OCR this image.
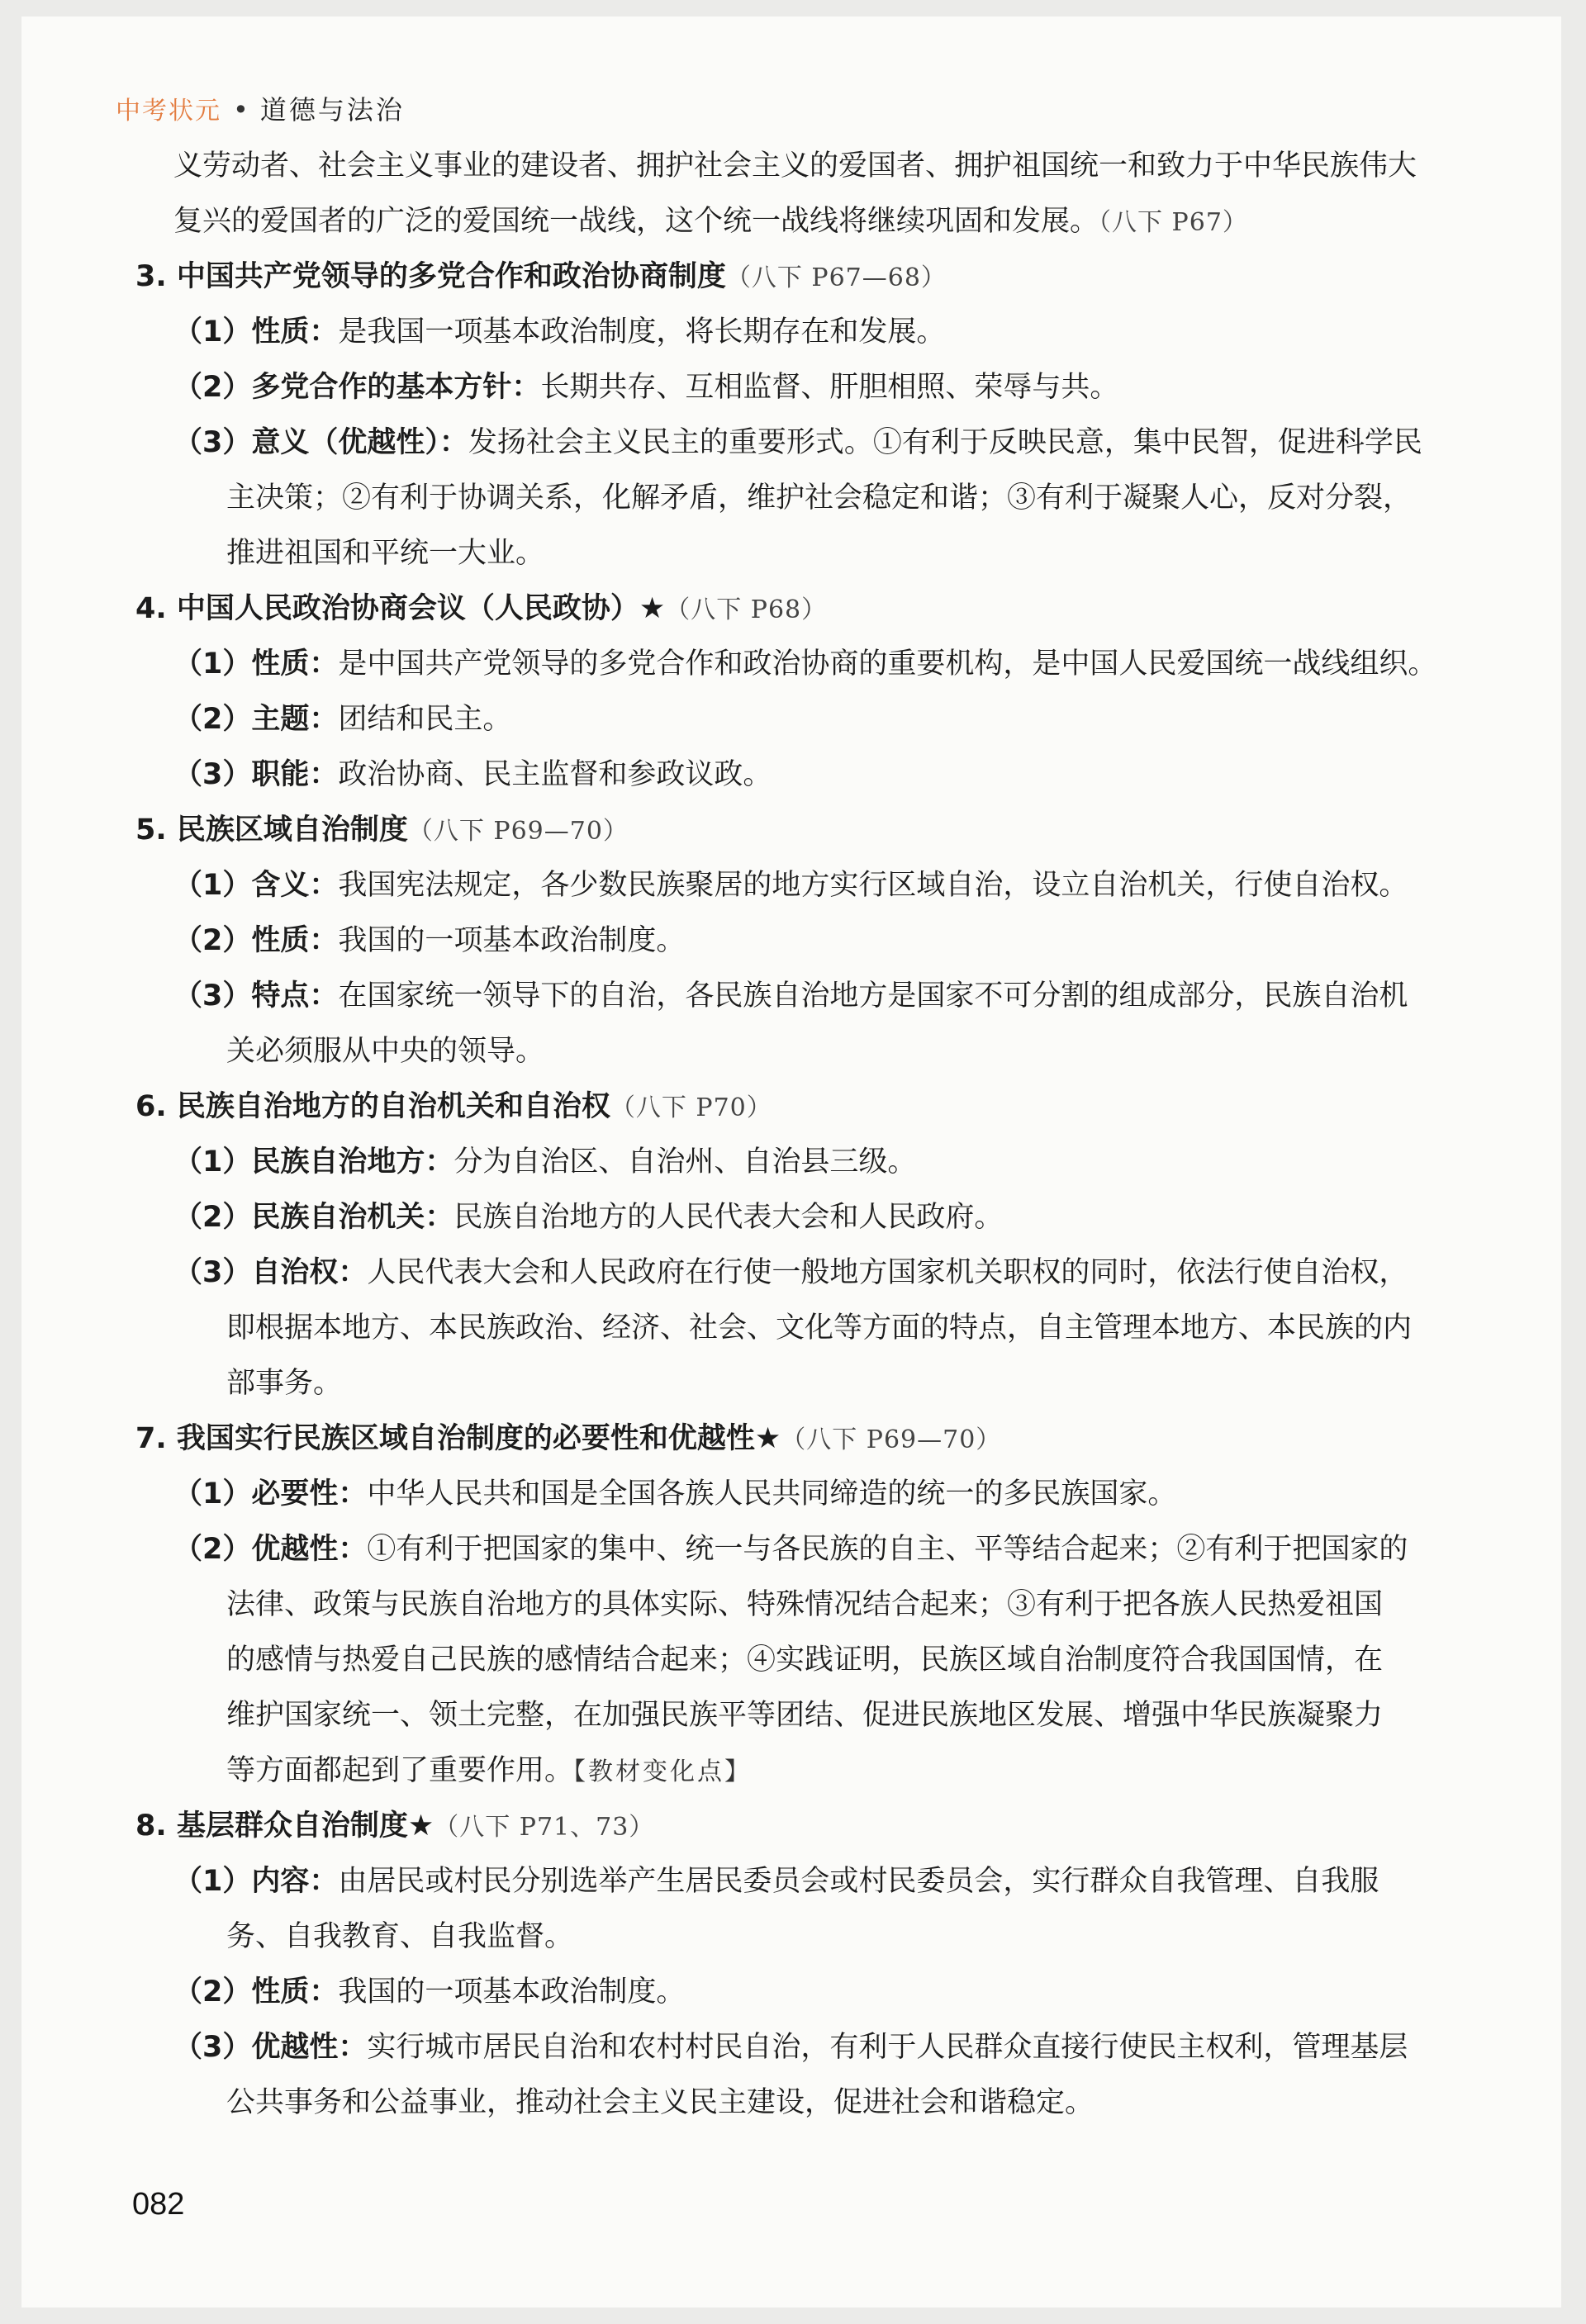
中考状元 • 道德与法治
义劳动者、社会主义事业的建设者、拥护社会主义的爱国者、拥护祖国统一和致力于中华民族伟大
复兴的爱国者的广泛的爱国统一战线，这个统一战线将继续巩固和发展。（八下 P67）
3. 中国共产党领导的多党合作和政治协商制度（八下 P67—68）
（1）性质：是我国一项基本政治制度，将长期存在和发展。
（2）多党合作的基本方针：长期共存、互相监督、肝胆相照、荣辱与共。
（3）意义（优越性）：发扬社会主义民主的重要形式。①有利于反映民意，集中民智，促进科学民
主决策；②有利于协调关系，化解矛盾，维护社会稳定和谐；③有利于凝聚人心，反对分裂，
推进祖国和平统一大业。
4. 中国人民政治协商会议（人民政协）★（八下 P68）
（1）性质：是中国共产党领导的多党合作和政治协商的重要机构，是中国人民爱国统一战线组织。
（2）主题：团结和民主。
（3）职能：政治协商、民主监督和参政议政。
5. 民族区域自治制度（八下 P69—70）
（1）含义：我国宪法规定，各少数民族聚居的地方实行区域自治，设立自治机关，行使自治权。
（2）性质：我国的一项基本政治制度。
（3）特点：在国家统一领导下的自治，各民族自治地方是国家不可分割的组成部分，民族自治机
关必须服从中央的领导。
6. 民族自治地方的自治机关和自治权（八下 P70）
（1）民族自治地方：分为自治区、自治州、自治县三级。
（2）民族自治机关：民族自治地方的人民代表大会和人民政府。
（3）自治权：人民代表大会和人民政府在行使一般地方国家机关职权的同时，依法行使自治权，
即根据本地方、本民族政治、经济、社会、文化等方面的特点，自主管理本地方、本民族的内
部事务。
7. 我国实行民族区域自治制度的必要性和优越性★（八下 P69—70）
（1）必要性：中华人民共和国是全国各族人民共同缔造的统一的多民族国家。
（2）优越性：①有利于把国家的集中、统一与各民族的自主、平等结合起来；②有利于把国家的
法律、政策与民族自治地方的具体实际、特殊情况结合起来；③有利于把各族人民热爱祖国
的感情与热爱自己民族的感情结合起来；④实践证明，民族区域自治制度符合我国国情，在
维护国家统一、领土完整，在加强民族平等团结、促进民族地区发展、增强中华民族凝聚力
等方面都起到了重要作用。【教材变化点】
8. 基层群众自治制度★（八下 P71、73）
（1）内容：由居民或村民分别选举产生居民委员会或村民委员会，实行群众自我管理、自我服
务、自我教育、自我监督。
（2）性质：我国的一项基本政治制度。
（3）优越性：实行城市居民自治和农村村民自治，有利于人民群众直接行使民主权利，管理基层
公共事务和公益事业，推动社会主义民主建设，促进社会和谐稳定。
082
